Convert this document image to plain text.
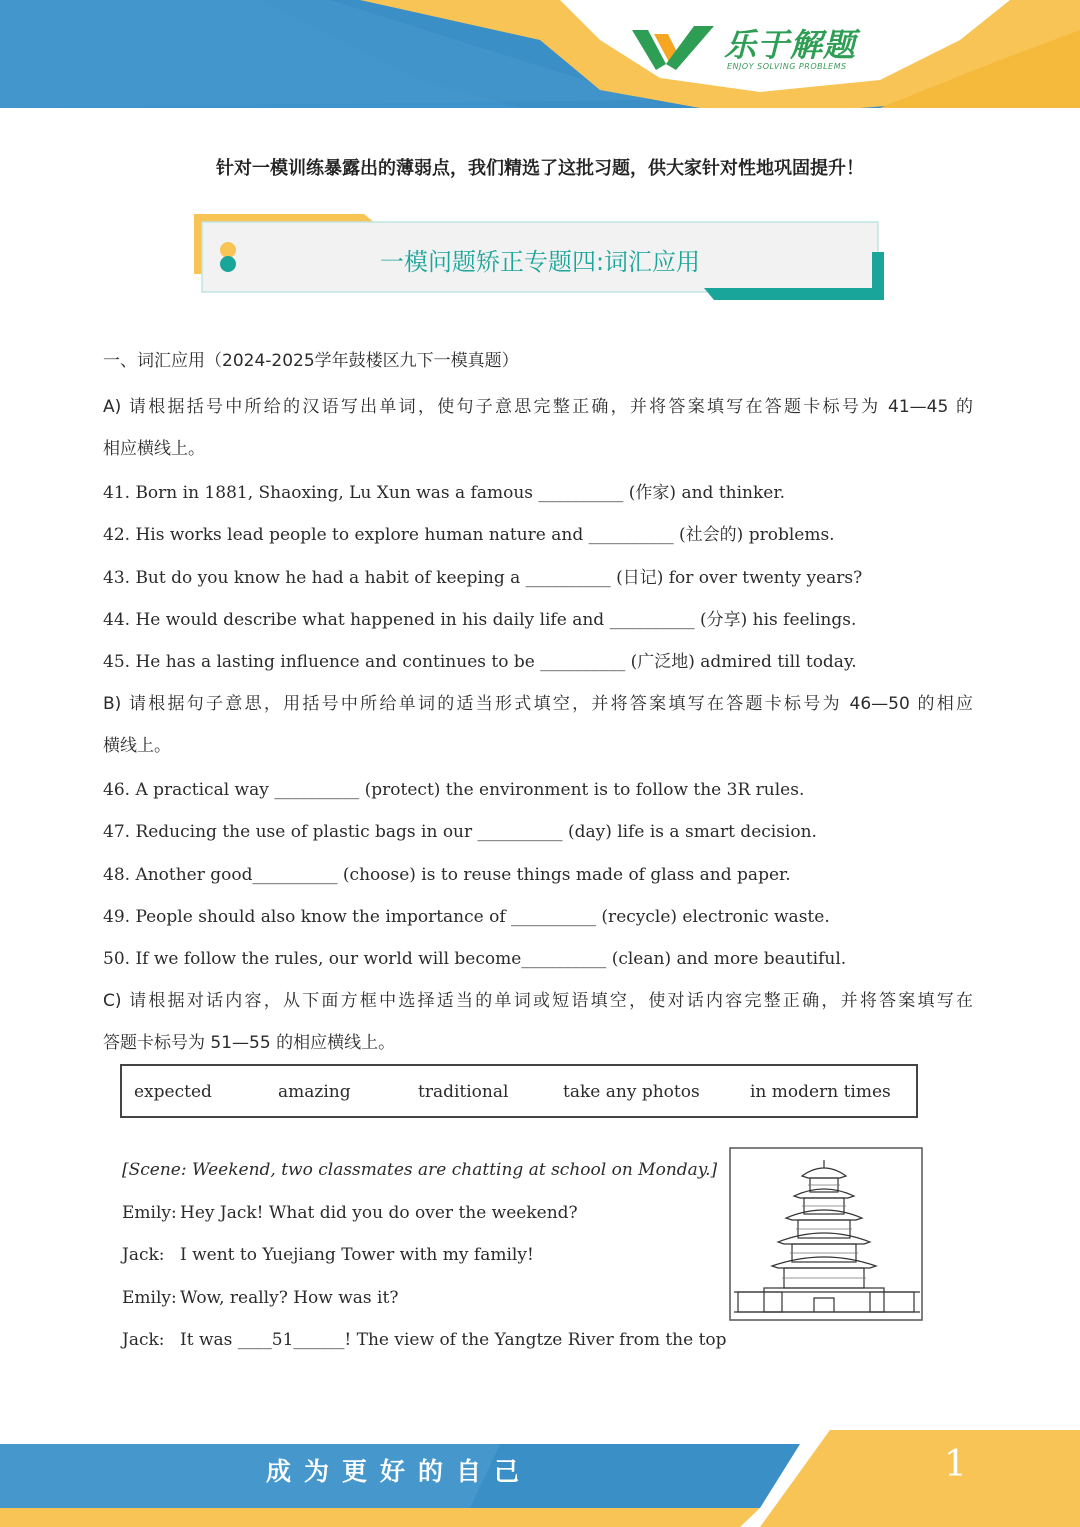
乐于解题
ENJOY SOLVING PROBLEMS
针对一模训练暴露出的薄弱点，我们精选了这批习题，供大家针对性地巩固提升！
一模问题矫正专题四:词汇应用
一、词汇应用（2024-2025学年鼓楼区九下一模真题）
A) 请根据括号中所给的汉语写出单词，使句子意思完整正确，并将答案填写在答题卡标号为 41—45 的
相应横线上。
41. Born in 1881, Shaoxing, Lu Xun was a famous __________ (作家) and thinker.
42. His works lead people to explore human nature and __________ (社会的) problems.
43. But do you know he had a habit of keeping a __________ (日记) for over twenty years?
44. He would describe what happened in his daily life and __________ (分享) his feelings.
45. He has a lasting influence and continues to be __________ (广泛地) admired till today.
B) 请根据句子意思，用括号中所给单词的适当形式填空，并将答案填写在答题卡标号为 46—50 的相应
横线上。
46. A practical way __________ (protect) the environment is to follow the 3R rules.
47. Reducing the use of plastic bags in our __________ (day) life is a smart decision.
48. Another good__________ (choose) is to reuse things made of glass and paper.
49. People should also know the importance of __________ (recycle) electronic waste.
50. If we follow the rules, our world will become__________ (clean) and more beautiful.
C) 请根据对话内容，从下面方框中选择适当的单词或短语填空，使对话内容完整正确，并将答案填写在
答题卡标号为 51—55 的相应横线上。
expected	amazing	traditional	take any photos	in modern times
[Scene: Weekend, two classmates are chatting at school on Monday.]
Emily: Hey Jack! What did you do over the weekend?
Jack: I went to Yuejiang Tower with my family!
Emily: Wow, really? How was it?
Jack: It was ____51______! The view of the Yangtze River from the top
成为更好的自己	1
